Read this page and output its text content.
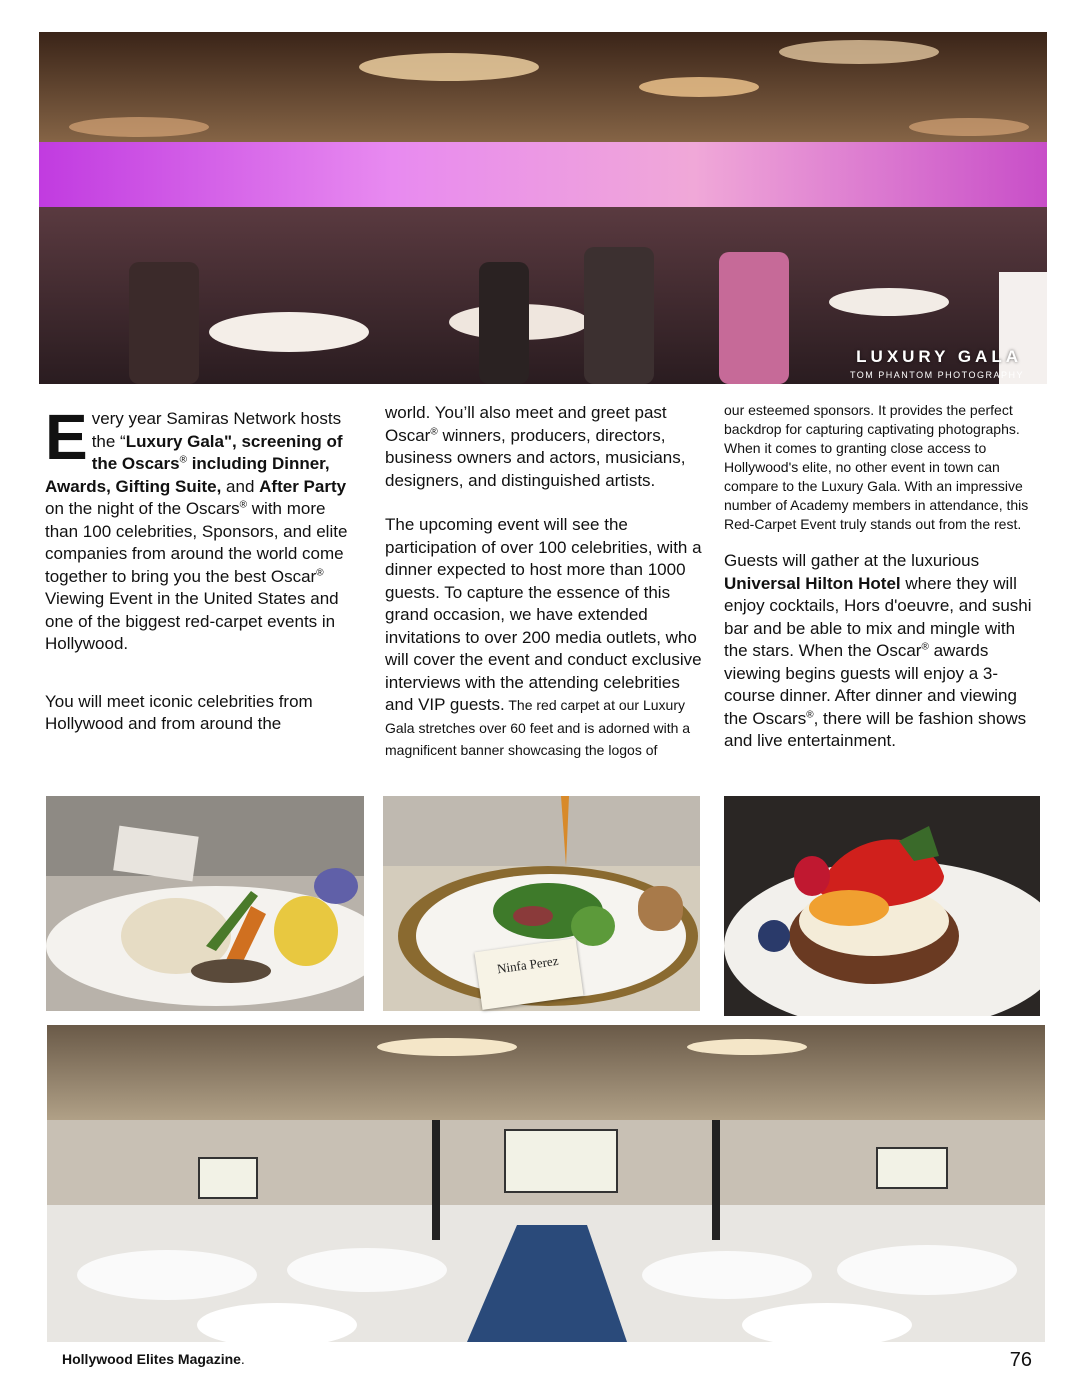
LUXURY GALA
TOM PHANTOM PHOTOGRAPHY

Every year Samiras Network hosts the “Luxury Gala", screening of the Oscars® including Dinner, Awards, Gifting Suite, and After Party on the night of the Oscars® with more than 100 celebrities, Sponsors, and elite companies from around the world come together to bring you the best Oscar® Viewing Event in the United States and one of the biggest red-carpet events in Hollywood.

You will meet iconic celebrities from Hollywood and from around the

world. You’ll also meet and greet past Oscar® winners, producers, directors, business owners and actors, musicians, designers, and distinguished artists.

The upcoming event will see the participation of over 100 celebrities, with a dinner expected to host more than 1000 guests. To capture the essence of this grand occasion, we have extended invitations to over 200 media outlets, who will cover the event and conduct exclusive interviews with the attending celebrities and VIP guests. The red carpet at our Luxury Gala stretches over 60 feet and is adorned with a magnificent banner showcasing the logos of

our esteemed sponsors. It provides the perfect backdrop for capturing captivating photographs. When it comes to granting close access to Hollywood's elite, no other event in town can compare to the Luxury Gala. With an impressive number of Academy members in attendance, this Red-Carpet Event truly stands out from the rest.

Guests will gather at the luxurious Universal Hilton Hotel where they will enjoy cocktails, Hors d'oeuvre, and sushi bar and be able to mix and mingle with the stars. When the Oscar® awards viewing begins guests will enjoy a 3-course dinner. After dinner and viewing the Oscars®, there will be fashion shows and live entertainment.

Ninfa Perez
Hollywood Elites Magazine.	76
